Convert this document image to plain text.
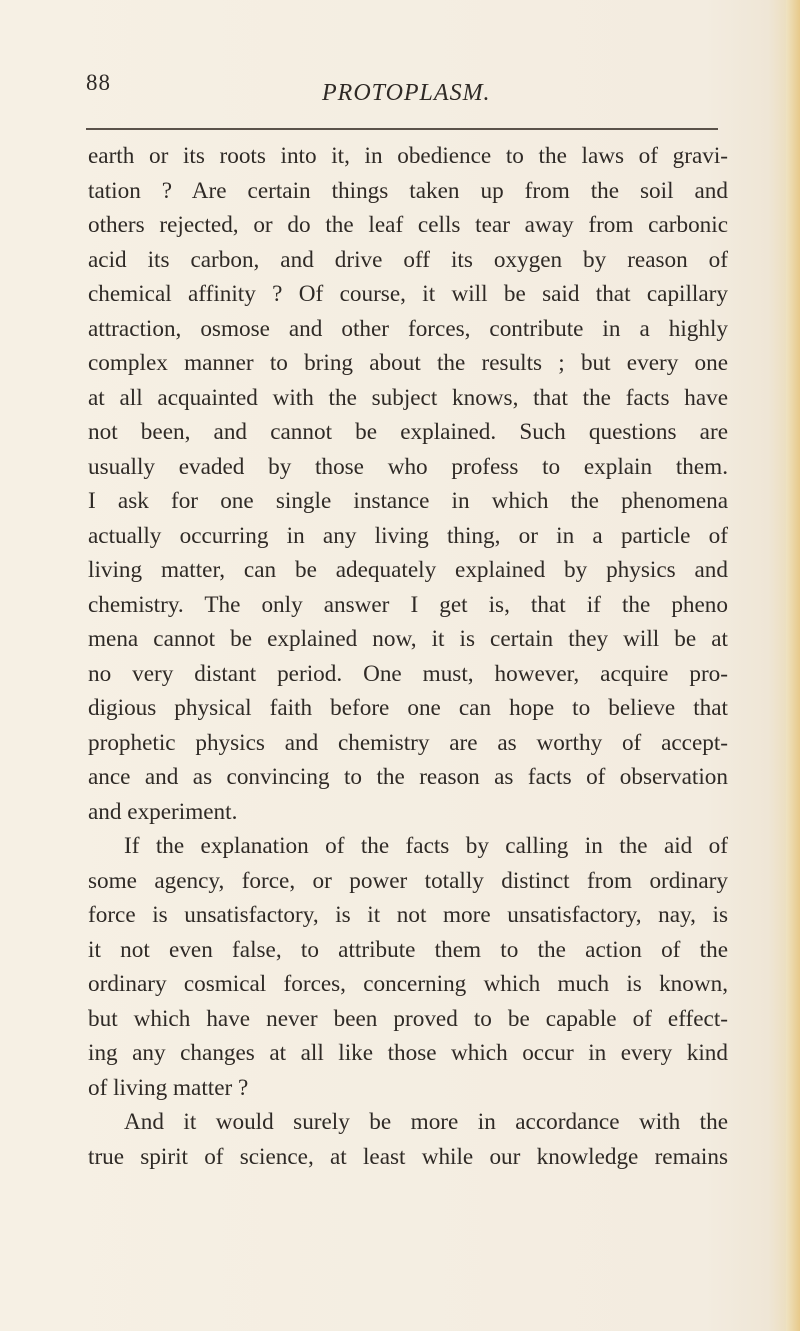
88	PROTOPLASM.
earth or its roots into it, in obedience to the laws of gravi-
tation ? Are certain things taken up from the soil and
others rejected, or do the leaf cells tear away from carbonic
acid its carbon, and drive off its oxygen by reason of
chemical affinity ? Of course, it will be said that capillary
attraction, osmose and other forces, contribute in a highly
complex manner to bring about the results ; but every one
at all acquainted with the subject knows, that the facts have
not been, and cannot be explained. Such questions are
usually evaded by those who profess to explain them.
I ask for one single instance in which the phenomena
actually occurring in any living thing, or in a particle of
living matter, can be adequately explained by physics and
chemistry. The only answer I get is, that if the pheno
mena cannot be explained now, it is certain they will be at
no very distant period. One must, however, acquire pro-
digious physical faith before one can hope to believe that
prophetic physics and chemistry are as worthy of accept-
ance and as convincing to the reason as facts of observation
and experiment.
If the explanation of the facts by calling in the aid of
some agency, force, or power totally distinct from ordinary
force is unsatisfactory, is it not more unsatisfactory, nay, is
it not even false, to attribute them to the action of the
ordinary cosmical forces, concerning which much is known,
but which have never been proved to be capable of effect-
ing any changes at all like those which occur in every kind
of living matter ?
And it would surely be more in accordance with the
true spirit of science, at least while our knowledge remains
